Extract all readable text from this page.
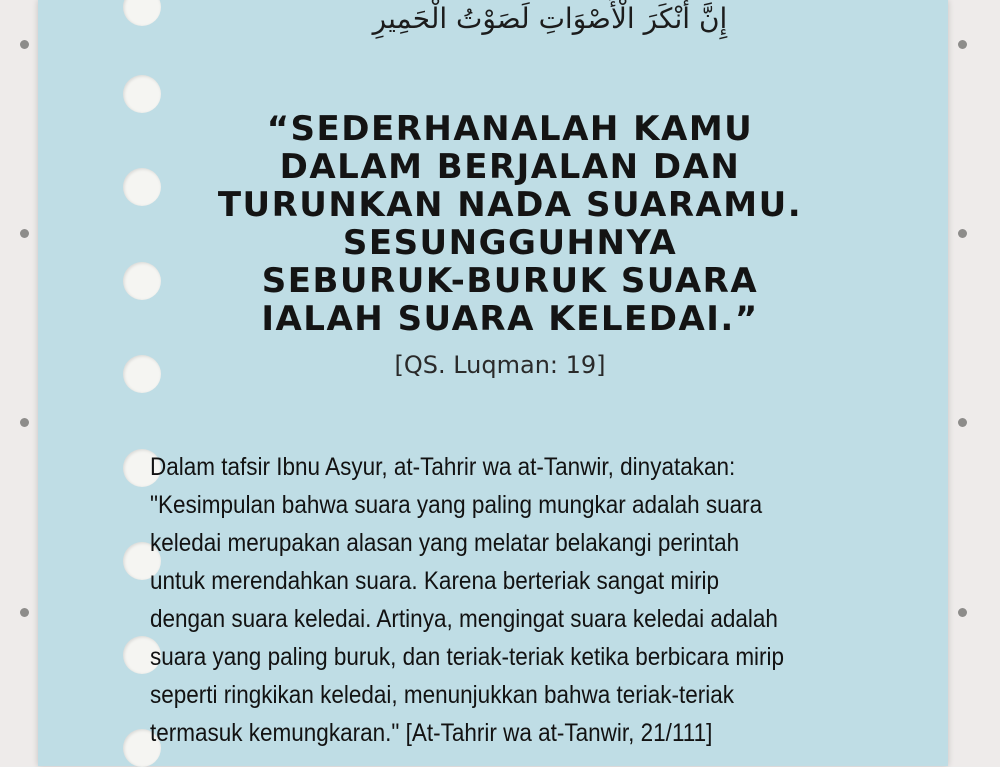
إِنَّ أَنْكَرَ الْأَصْوَاتِ لَصَوْتُ الْحَمِيرِ

“SEDERHANALAH KAMU
DALAM BERJALAN DAN
TURUNKAN NADA SUARAMU.
SESUNGGUHNYA
SEBURUK-BURUK SUARA
IALAH SUARA KELEDAI.”

[QS. Luqman: 19]
Dalam tafsir Ibnu Asyur, at-Tahrir wa at-Tanwir, dinyatakan:
"Kesimpulan bahwa suara yang paling mungkar adalah suara
keledai merupakan alasan yang melatar belakangi perintah
untuk merendahkan suara. Karena berteriak sangat mirip
dengan suara keledai. Artinya, mengingat suara keledai adalah
suara yang paling buruk, dan teriak-teriak ketika berbicara mirip
seperti ringkikan keledai, menunjukkan bahwa teriak-teriak
termasuk kemungkaran." [At-Tahrir wa at-Tanwir, 21/111]
